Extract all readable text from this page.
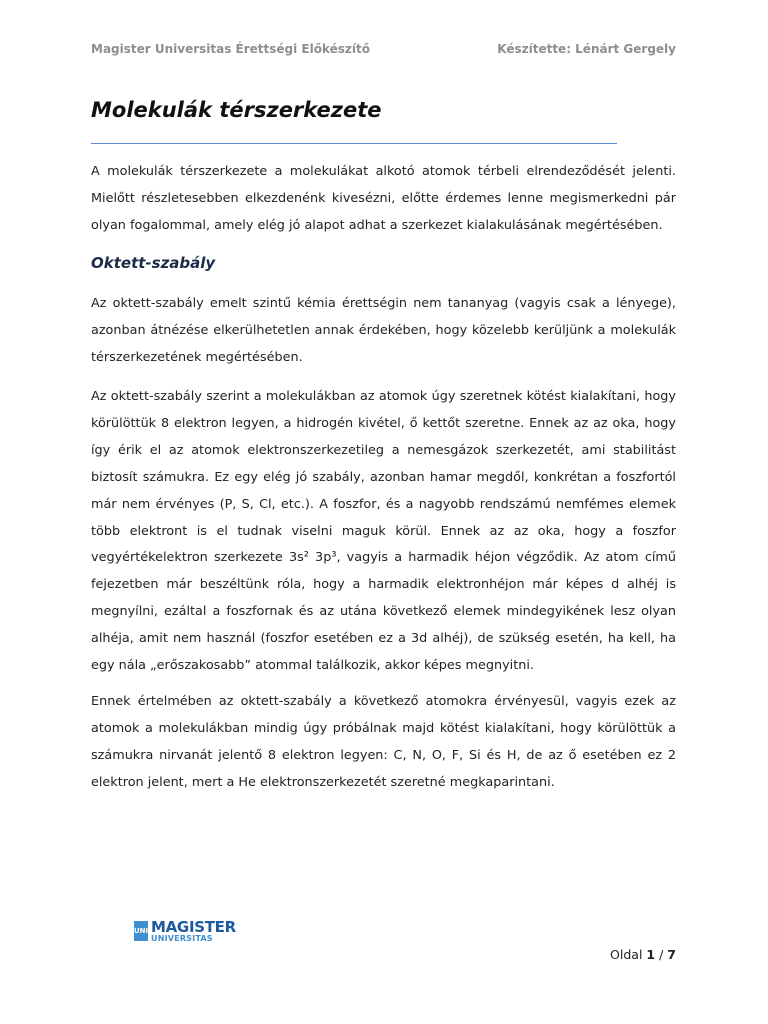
Magister Universitas Érettségi Előkészítő	Készítette: Lénárt Gergely
Molekulák térszerkezete

A molekulák térszerkezete a molekulákat alkotó atomok térbeli elrendeződését jelenti. Mielőtt részletesebben elkezdenénk kivesézni, előtte érdemes lenne megismerkedni pár olyan fogalommal, amely elég jó alapot adhat a szerkezet kialakulásának megértésében.

Oktett-szabály

Az oktett-szabály emelt szintű kémia érettségin nem tananyag (vagyis csak a lényege), azonban átnézése elkerülhetetlen annak érdekében, hogy közelebb kerüljünk a molekulák térszerkezetének megértésében.

Az oktett-szabály szerint a molekulákban az atomok úgy szeretnek kötést kialakítani, hogy körülöttük 8 elektron legyen, a hidrogén kivétel, ő kettőt szeretne. Ennek az az oka, hogy így érik el az atomok elektronszerkezetileg a nemesgázok szerkezetét, ami stabilitást biztosít számukra. Ez egy elég jó szabály, azonban hamar megdől, konkrétan a foszfortól már nem érvényes (P, S, Cl, etc.). A foszfor, és a nagyobb rendszámú nemfémes elemek több elektront is el tudnak viselni maguk körül. Ennek az az oka, hogy a foszfor vegyértékelektron szerkezete 3s² 3p³, vagyis a harmadik héjon végződik. Az atom című fejezetben már beszéltünk róla, hogy a harmadik elektronhéjon már képes d alhéj is megnyílni, ezáltal a foszfornak és az utána következő elemek mindegyikének lesz olyan alhéja, amit nem használ (foszfor esetében ez a 3d alhéj), de szükség esetén, ha kell, ha egy nála „erőszakosabb” atommal találkozik, akkor képes megnyitni.

Ennek értelmében az oktett-szabály a következő atomokra érvényesül, vagyis ezek az atomok a molekulákban mindig úgy próbálnak majd kötést kialakítani, hogy körülöttük a számukra nirvanát jelentő 8 elektron legyen: C, N, O, F, Si és H, de az ő esetében ez 2 elektron jelent, mert a He elektronszerkezetét szeretné megkaparintani.

UNI MAGISTER
UNIVERSITAS
Oldal 1 / 7
